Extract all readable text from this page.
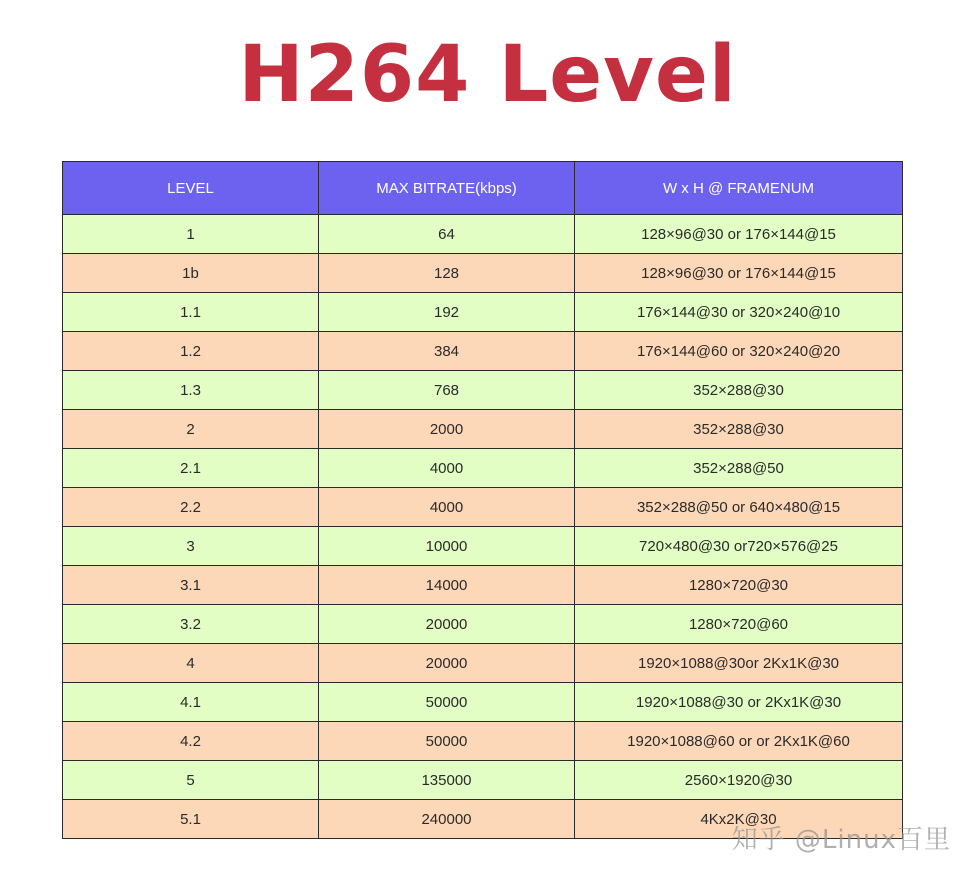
H264 Level
LEVEL	MAX BITRATE(kbps)	W x H @ FRAMENUM
1	64	128×96@30 or 176×144@15
1b	128	128×96@30 or 176×144@15
1.1	192	176×144@30 or 320×240@10
1.2	384	176×144@60 or 320×240@20
1.3	768	352×288@30
2	2000	352×288@30
2.1	4000	352×288@50
2.2	4000	352×288@50 or 640×480@15
3	10000	720×480@30 or720×576@25
3.1	14000	1280×720@30
3.2	20000	1280×720@60
4	20000	1920×1088@30or 2Kx1K@30
4.1	50000	1920×1088@30 or 2Kx1K@30
4.2	50000	1920×1088@60 or or 2Kx1K@60
5	135000	2560×1920@30
5.1	240000	4Kx2K@30
知乎 @Linux百里
